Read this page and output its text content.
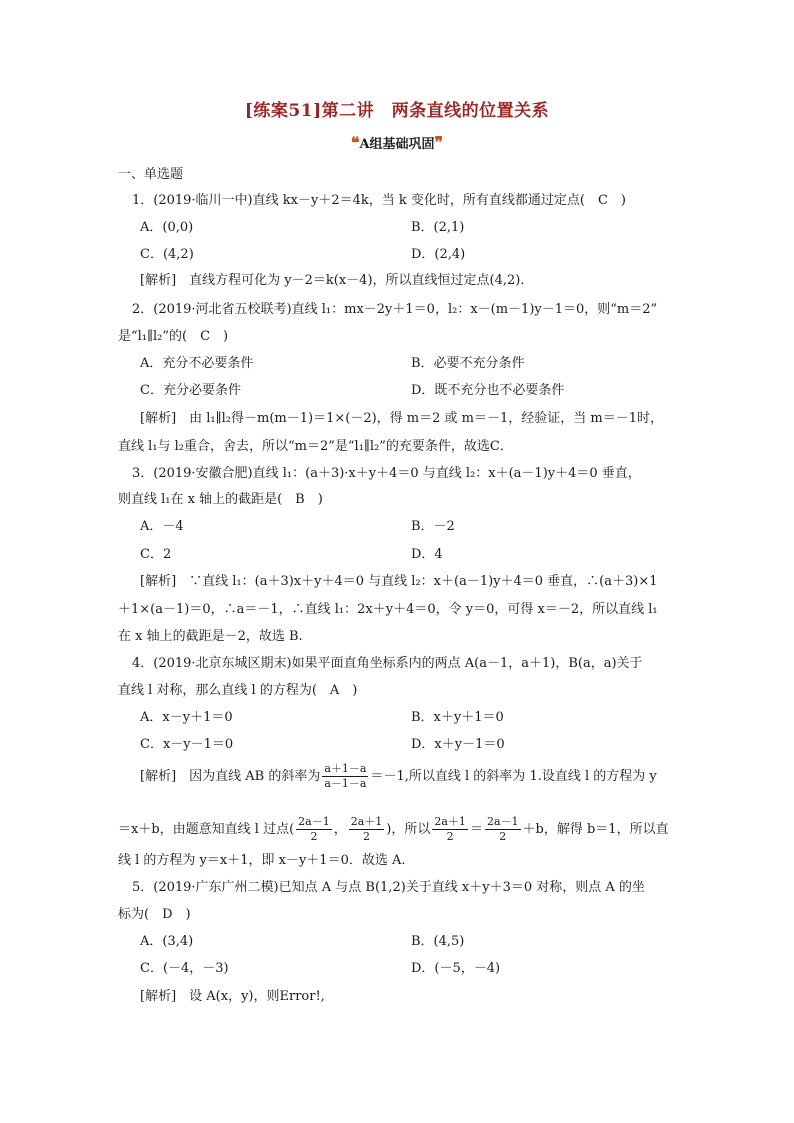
[练案51]第二讲　两条直线的位置关系
❝A组基础巩固❞
一、单选题
1．(2019·临川一中)直线 kx－y＋2＝4k，当 k 变化时，所有直线都通过定点(　C　)
A．(0,0)	B．(2,1)
C．(4,2)	D．(2,4)
[解析]　直线方程可化为 y－2＝k(x－4)，所以直线恒过定点(4,2)．
2．(2019·河北省五校联考)直线 l₁：mx－2y＋1＝0，l₂：x－(m－1)y－1＝0，则“m＝2”
是“l₁∥l₂”的(　C　)
A．充分不必要条件	B．必要不充分条件
C．充分必要条件	D．既不充分也不必要条件
[解析]　由 l₁∥l₂得－m(m－1)＝1×(－2)，得 m＝2 或 m＝－1，经验证，当 m＝－1时，
直线 l₁与 l₂重合，舍去，所以“m＝2”是“l₁∥l₂”的充要条件，故选C．
3．(2019·安徽合肥)直线 l₁：(a＋3)·x＋y＋4＝0 与直线 l₂：x＋(a－1)y＋4＝0 垂直，
则直线 l₁在 x 轴上的截距是(　B　)
A．－4	B．－2
C．2	D．4
[解析]　∵直线 l₁：(a＋3)x＋y＋4＝0 与直线 l₂：x＋(a－1)y＋4＝0 垂直，∴(a＋3)×1
＋1×(a－1)＝0，∴a＝－1，∴直线 l₁：2x＋y＋4＝0，令 y＝0，可得 x＝－2，所以直线 l₁
在 x 轴上的截距是－2，故选 B.
4．(2019·北京东城区期末)如果平面直角坐标系内的两点 A(a－1，a＋1)，B(a，a)关于
直线 l 对称，那么直线 l 的方程为(　A　)
A．x－y＋1＝0	B．x＋y＋1＝0
C．x－y－1＝0	D．x＋y－1＝0
[解析]　因为直线 AB 的斜率为 $\frac{a+1-a}{a-1-a} =-1$,所以直线 l 的斜率为 1.设直线 l 的方程为 y
＝x＋b，由题意知直线 l 过点( $\frac{2a-1}{2}$ ， $\frac{2a+1}{2}$ )，所以 $\frac{2a+1}{2} = \frac{2a-1}{2} +b$，解得 b＝1，所以直
线 l 的方程为 y＝x＋1，即 x－y＋1＝0．故选 A.
5．(2019·广东广州二模)已知点 A 与点 B(1,2)关于直线 x＋y＋3＝0 对称，则点 A 的坐
标为(　D　)
A．(3,4)	B．(4,5)
C．(－4，－3)	D．(－5，－4)
[解析]　设 A(x，y)，则Error!,
